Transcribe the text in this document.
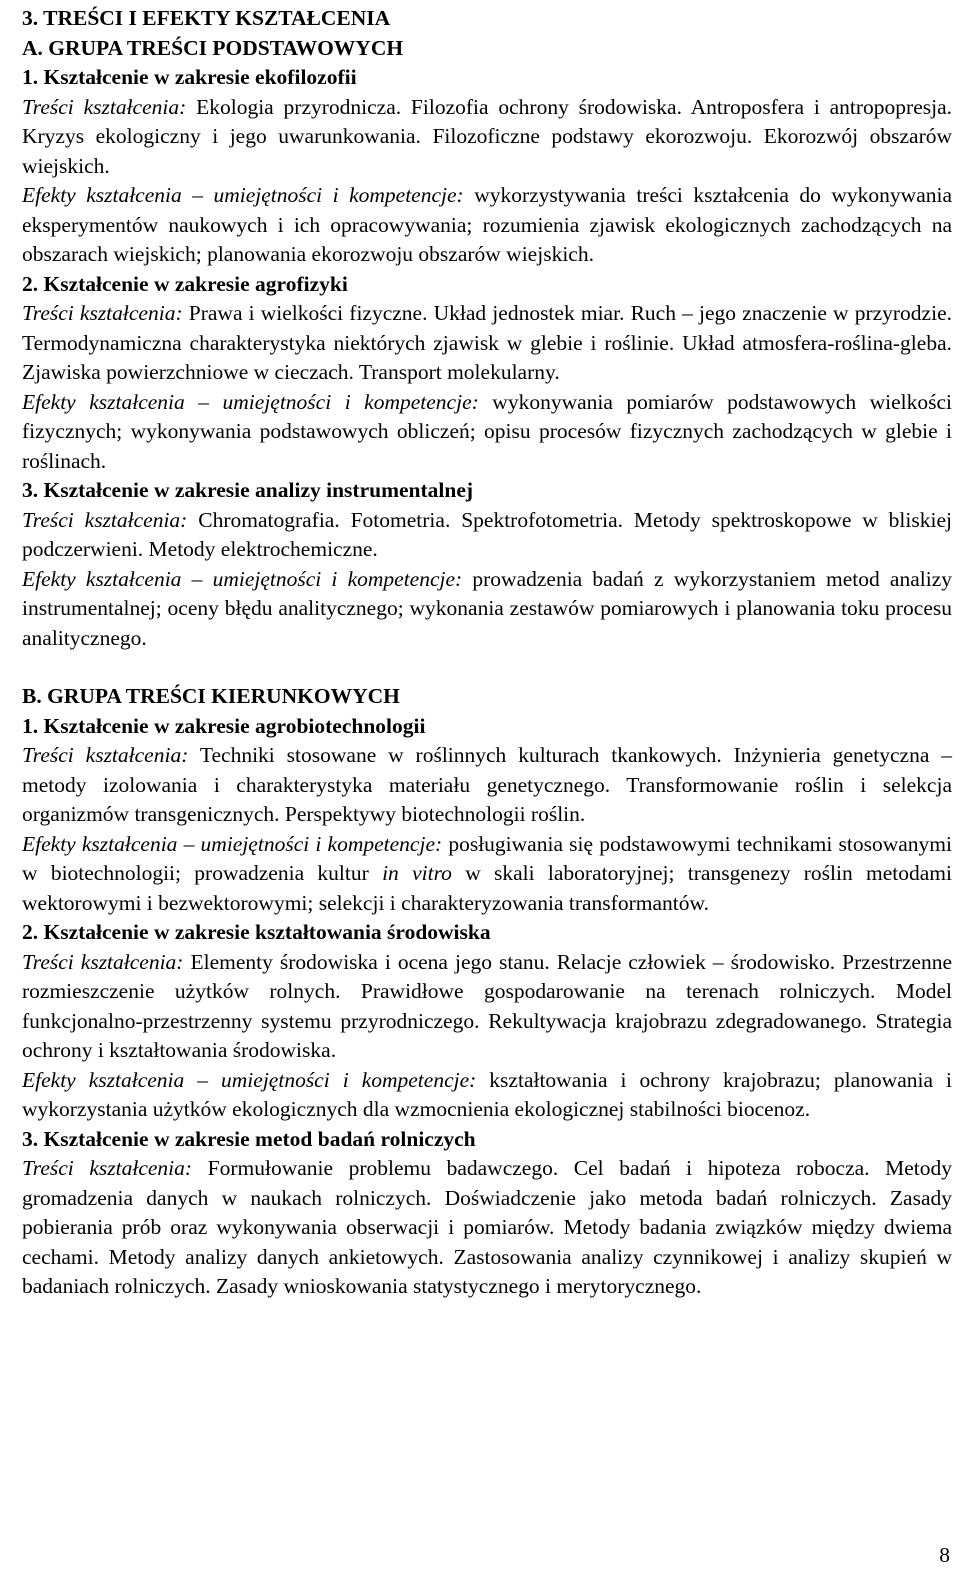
3. TREŚCI I EFEKTY KSZTAŁCENIA

A. GRUPA TREŚCI PODSTAWOWYCH

1. Kształcenie w zakresie ekofilozofii

Treści kształcenia: Ekologia przyrodnicza. Filozofia ochrony środowiska. Antroposfera i antropopresja. Kryzys ekologiczny i jego uwarunkowania. Filozoficzne podstawy ekorozwoju. Ekorozwój obszarów wiejskich.

Efekty kształcenia – umiejętności i kompetencje: wykorzystywania treści kształcenia do wykonywania eksperymentów naukowych i ich opracowywania; rozumienia zjawisk ekologicznych zachodzących na obszarach wiejskich; planowania ekorozwoju obszarów wiejskich.

2. Kształcenie w zakresie agrofizyki

Treści kształcenia: Prawa i wielkości fizyczne. Układ jednostek miar. Ruch – jego znaczenie w przyrodzie. Termodynamiczna charakterystyka niektórych zjawisk w glebie i roślinie. Układ atmosfera-roślina-gleba. Zjawiska powierzchniowe w cieczach. Transport molekularny.

Efekty kształcenia – umiejętności i kompetencje: wykonywania pomiarów podstawowych wielkości fizycznych; wykonywania podstawowych obliczeń; opisu procesów fizycznych zachodzących w glebie i roślinach.

3. Kształcenie w zakresie analizy instrumentalnej

Treści kształcenia: Chromatografia. Fotometria. Spektrofotometria. Metody spektroskopowe w bliskiej podczerwieni. Metody elektrochemiczne.

Efekty kształcenia – umiejętności i kompetencje: prowadzenia badań z wykorzystaniem metod analizy instrumentalnej; oceny błędu analitycznego; wykonania zestawów pomiarowych i planowania toku procesu analitycznego.

B. GRUPA TREŚCI KIERUNKOWYCH

1. Kształcenie w zakresie agrobiotechnologii

Treści kształcenia: Techniki stosowane w roślinnych kulturach tkankowych. Inżynieria genetyczna – metody izolowania i charakterystyka materiału genetycznego. Transformowanie roślin i selekcja organizmów transgenicznych. Perspektywy biotechnologii roślin.

Efekty kształcenia – umiejętności i kompetencje: posługiwania się podstawowymi technikami stosowanymi w biotechnologii; prowadzenia kultur in vitro w skali laboratoryjnej; transgenezy roślin metodami wektorowymi i bezwektorowymi; selekcji i charakteryzowania transformantów.

2. Kształcenie w zakresie kształtowania środowiska

Treści kształcenia: Elementy środowiska i ocena jego stanu. Relacje człowiek – środowisko. Przestrzenne rozmieszczenie użytków rolnych. Prawidłowe gospodarowanie na terenach rolniczych. Model funkcjonalno-przestrzenny systemu przyrodniczego. Rekultywacja krajobrazu zdegradowanego. Strategia ochrony i kształtowania środowiska.

Efekty kształcenia – umiejętności i kompetencje: kształtowania i ochrony krajobrazu; planowania i wykorzystania użytków ekologicznych dla wzmocnienia ekologicznej stabilności biocenoz.

3. Kształcenie w zakresie metod badań rolniczych

Treści kształcenia: Formułowanie problemu badawczego. Cel badań i hipoteza robocza. Metody gromadzenia danych w naukach rolniczych. Doświadczenie jako metoda badań rolniczych. Zasady pobierania prób oraz wykonywania obserwacji i pomiarów. Metody badania związków między dwiema cechami. Metody analizy danych ankietowych. Zastosowania analizy czynnikowej i analizy skupień w badaniach rolniczych. Zasady wnioskowania statystycznego i merytorycznego.

8
